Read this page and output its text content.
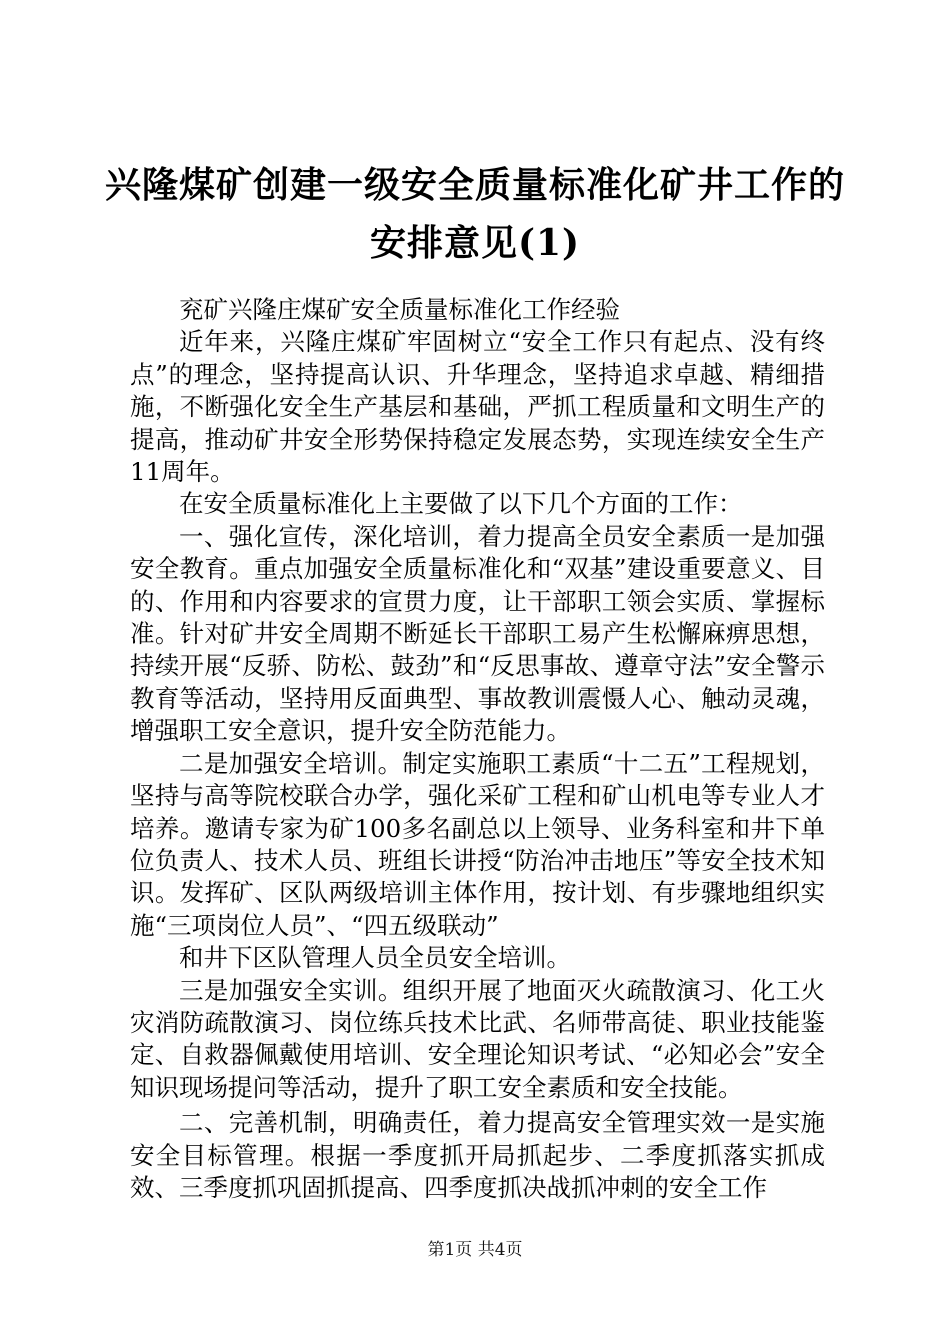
兴隆煤矿创建一级安全质量标准化矿井工作的
安排意见(1)

兖矿兴隆庄煤矿安全质量标准化工作经验

近年来，兴隆庄煤矿牢固树立“安全工作只有起点、没有终点”的理念，坚持提高认识、升华理念，坚持追求卓越、精细措施，不断强化安全生产基层和基础，严抓工程质量和文明生产的提高，推动矿井安全形势保持稳定发展态势，实现连续安全生产11周年。

在安全质量标准化上主要做了以下几个方面的工作：

一、强化宣传，深化培训，着力提高全员安全素质一是加强安全教育。重点加强安全质量标准化和“双基”建设重要意义、目的、作用和内容要求的宣贯力度，让干部职工领会实质、掌握标准。针对矿井安全周期不断延长干部职工易产生松懈麻痹思想，持续开展“反骄、防松、鼓劲”和“反思事故、遵章守法”安全警示教育等活动，坚持用反面典型、事故教训震慑人心、触动灵魂，增强职工安全意识，提升安全防范能力。

二是加强安全培训。制定实施职工素质“十二五”工程规划，坚持与高等院校联合办学，强化采矿工程和矿山机电等专业人才培养。邀请专家为矿100多名副总以上领导、业务科室和井下单位负责人、技术人员、班组长讲授“防治冲击地压”等安全技术知识。发挥矿、区队两级培训主体作用，按计划、有步骤地组织实施“三项岗位人员”、“四五级联动”

和井下区队管理人员全员安全培训。

三是加强安全实训。组织开展了地面灭火疏散演习、化工火灾消防疏散演习、岗位练兵技术比武、名师带高徒、职业技能鉴定、自救器佩戴使用培训、安全理论知识考试、“必知必会”安全知识现场提问等活动，提升了职工安全素质和安全技能。

二、完善机制，明确责任，着力提高安全管理实效一是实施安全目标管理。根据一季度抓开局抓起步、二季度抓落实抓成效、三季度抓巩固抓提高、四季度抓决战抓冲刺的安全工作

第1页 共4页
